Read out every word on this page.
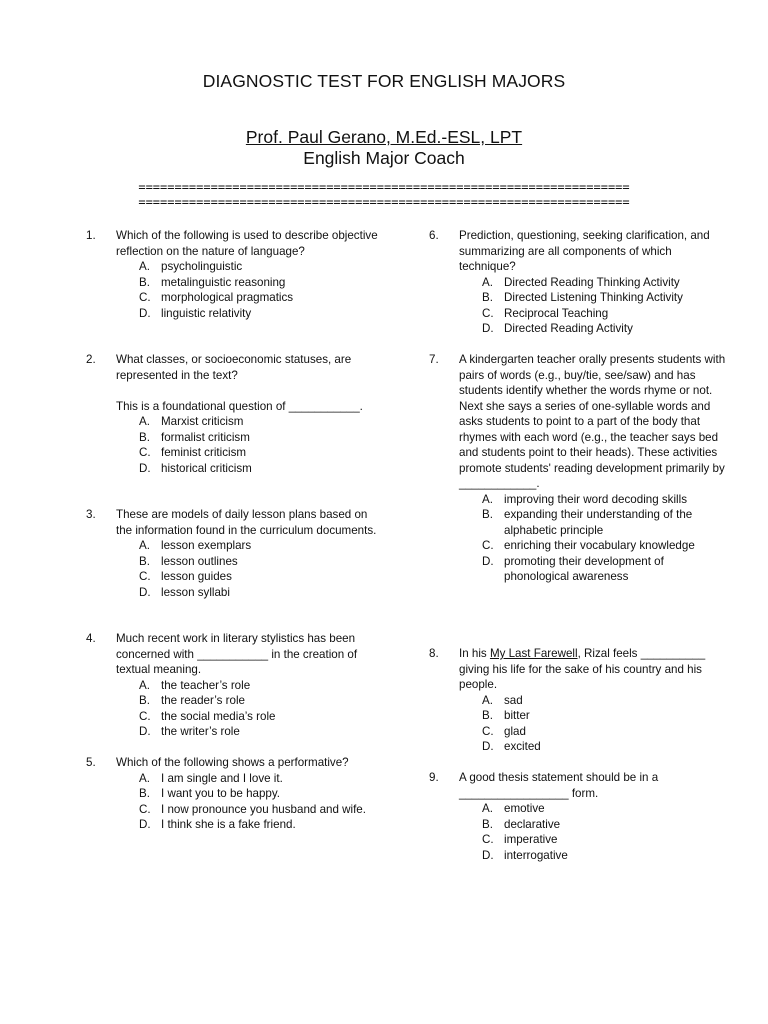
DIAGNOSTIC TEST FOR ENGLISH MAJORS
Prof. Paul Gerano, M.Ed.-ESL, LPT
English Major Coach
====================================================================
====================================================================
1. Which of the following is used to describe objective reflection on the nature of language?
A. psycholinguistic
B. metalinguistic reasoning
C. morphological pragmatics
D. linguistic relativity
2. What classes, or socioeconomic statuses, are represented in the text?
This is a foundational question of ___________.
A. Marxist criticism
B. formalist criticism
C. feminist criticism
D. historical criticism
3. These are models of daily lesson plans based on the information found in the curriculum documents.
A. lesson exemplars
B. lesson outlines
C. lesson guides
D. lesson syllabi
4. Much recent work in literary stylistics has been concerned with ___________ in the creation of textual meaning.
A. the teacher’s role
B. the reader’s role
C. the social media’s role
D. the writer’s role
5. Which of the following shows a performative?
A. I am single and I love it.
B. I want you to be happy.
C. I now pronounce you husband and wife.
D. I think she is a fake friend.
6. Prediction, questioning, seeking clarification, and summarizing are all components of which technique?
A. Directed Reading Thinking Activity
B. Directed Listening Thinking Activity
C. Reciprocal Teaching
D. Directed Reading Activity
7. A kindergarten teacher orally presents students with pairs of words (e.g., buy/tie, see/saw) and has students identify whether the words rhyme or not. Next she says a series of one-syllable words and asks students to point to a part of the body that rhymes with each word (e.g., the teacher says bed and students point to their heads). These activities promote students' reading development primarily by ____________.
A. improving their word decoding skills
B. expanding their understanding of the alphabetic principle
C. enriching their vocabulary knowledge
D. promoting their development of phonological awareness
8. In his My Last Farewell, Rizal feels __________ giving his life for the sake of his country and his people.
A. sad
B. bitter
C. glad
D. excited
9. A good thesis statement should be in a _________________ form.
A. emotive
B. declarative
C. imperative
D. interrogative
